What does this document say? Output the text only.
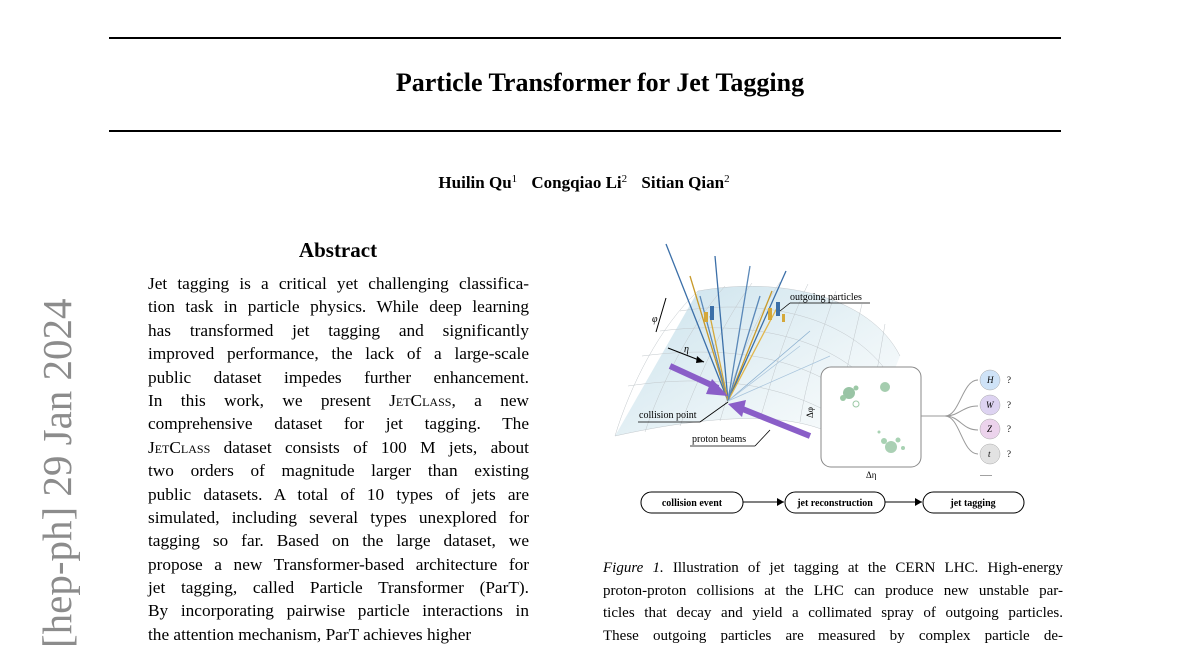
Particle Transformer for Jet Tagging
Huilin Qu$^1$ Congqiao Li$^2$ Sitian Qian$^2$
[hep-ph] 29 Jan 2024
Abstract
Jet tagging is a critical yet challenging classifica-
tion task in particle physics. While deep learning
has transformed jet tagging and significantly
improved performance, the lack of a large-scale
public dataset impedes further enhancement.
In this work, we present JetClass, a new
comprehensive dataset for jet tagging. The
JetClass dataset consists of 100 M jets, about
two orders of magnitude larger than existing
public datasets. A total of 10 types of jets are
simulated, including several types unexplored for
tagging so far. Based on the large dataset, we
propose a new Transformer-based architecture for
jet tagging, called Particle Transformer (ParT).
By incorporating pairwise particle interactions in
the attention mechanism, ParT achieves higher
η
φ
outgoing particles
collision point
proton beams
Δφ
Δη
H ?
W ?
Z ?
t ?
......
collision event	jet reconstruction	jet tagging
Figure 1. Illustration of jet tagging at the CERN LHC. High-energy
proton-proton collisions at the LHC can produce new unstable par-
ticles that decay and yield a collimated spray of outgoing particles.
These outgoing particles are measured by complex particle de-
